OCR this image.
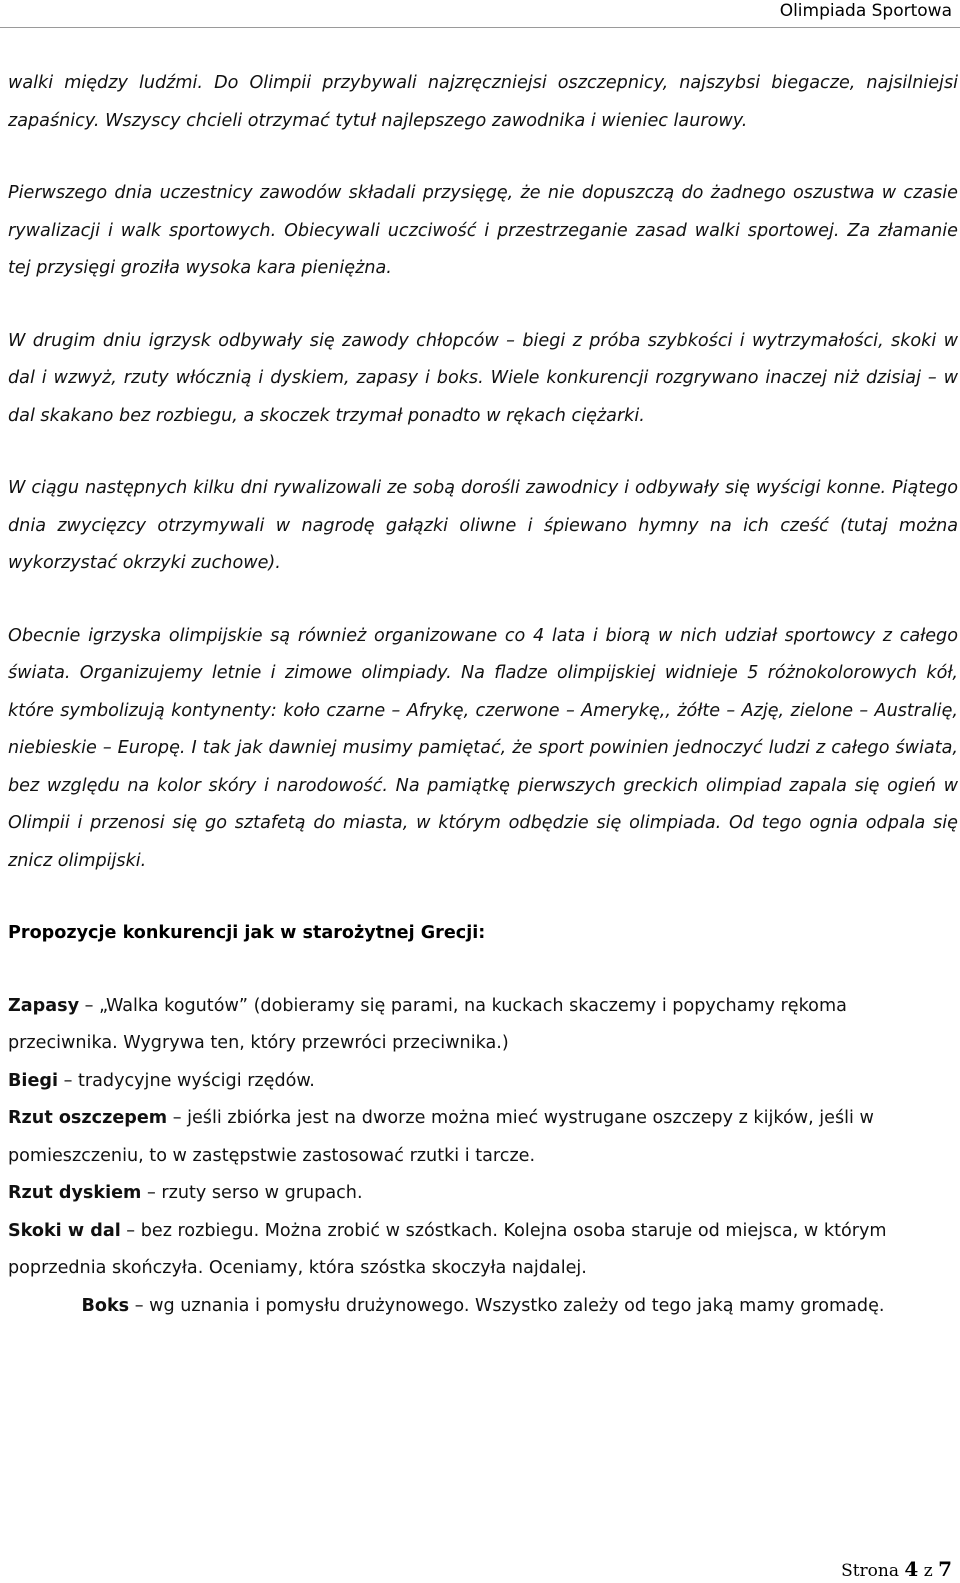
Olimpiada Sportowa

walki między ludźmi. Do Olimpii przybywali najzręczniejsi oszczepnicy, najszybsi biegacze, najsilniejsi zapaśnicy. Wszyscy chcieli otrzymać tytuł najlepszego zawodnika i wieniec laurowy.

Pierwszego dnia uczestnicy zawodów składali przysięgę, że nie dopuszczą do żadnego oszustwa w czasie rywalizacji i walk sportowych. Obiecywali uczciwość i przestrzeganie zasad walki sportowej. Za złamanie tej przysięgi groziła wysoka kara pieniężna.

W drugim dniu igrzysk odbywały się zawody chłopców – biegi z próba szybkości i wytrzymałości, skoki w dal i wzwyż, rzuty włócznią i dyskiem, zapasy i boks. Wiele konkurencji rozgrywano inaczej niż dzisiaj – w dal skakano bez rozbiegu, a skoczek trzymał ponadto w rękach ciężarki.

W ciągu następnych kilku dni rywalizowali ze sobą dorośli zawodnicy i odbywały się wyścigi konne. Piątego dnia zwycięzcy otrzymywali w nagrodę gałązki oliwne i śpiewano hymny na ich cześć (tutaj można wykorzystać okrzyki zuchowe).

Obecnie igrzyska olimpijskie są również organizowane co 4 lata i biorą w nich udział sportowcy z całego świata. Organizujemy letnie i zimowe olimpiady. Na fladze olimpijskiej widnieje 5 różnokolorowych kół, które symbolizują kontynenty: koło czarne – Afrykę, czerwone – Amerykę,, żółte – Azję, zielone – Australię, niebieskie – Europę. I tak jak dawniej musimy pamiętać, że sport powinien jednoczyć ludzi z całego świata, bez względu na kolor skóry i narodowość. Na pamiątkę pierwszych greckich olimpiad zapala się ogień w Olimpii i przenosi się go sztafetą do miasta, w którym odbędzie się olimpiada. Od tego ognia odpala się znicz olimpijski.

Propozycje konkurencji jak w starożytnej Grecji:

Zapasy – „Walka kogutów” (dobieramy się parami, na kuckach skaczemy i popychamy rękoma przeciwnika. Wygrywa ten, który przewróci przeciwnika.)

Biegi – tradycyjne wyścigi rzędów.

Rzut oszczepem – jeśli zbiórka jest na dworze można mieć wystrugane oszczepy z kijków, jeśli w pomieszczeniu, to w zastępstwie zastosować rzutki i tarcze.

Rzut dyskiem – rzuty serso w grupach.

Skoki w dal – bez rozbiegu. Można zrobić w szóstkach. Kolejna osoba staruje od miejsca, w którym poprzednia skończyła. Oceniamy, która szóstka skoczyła najdalej.

Boks – wg uznania i pomysłu drużynowego. Wszystko zależy od tego jaką mamy gromadę.

Strona 4 z 7
